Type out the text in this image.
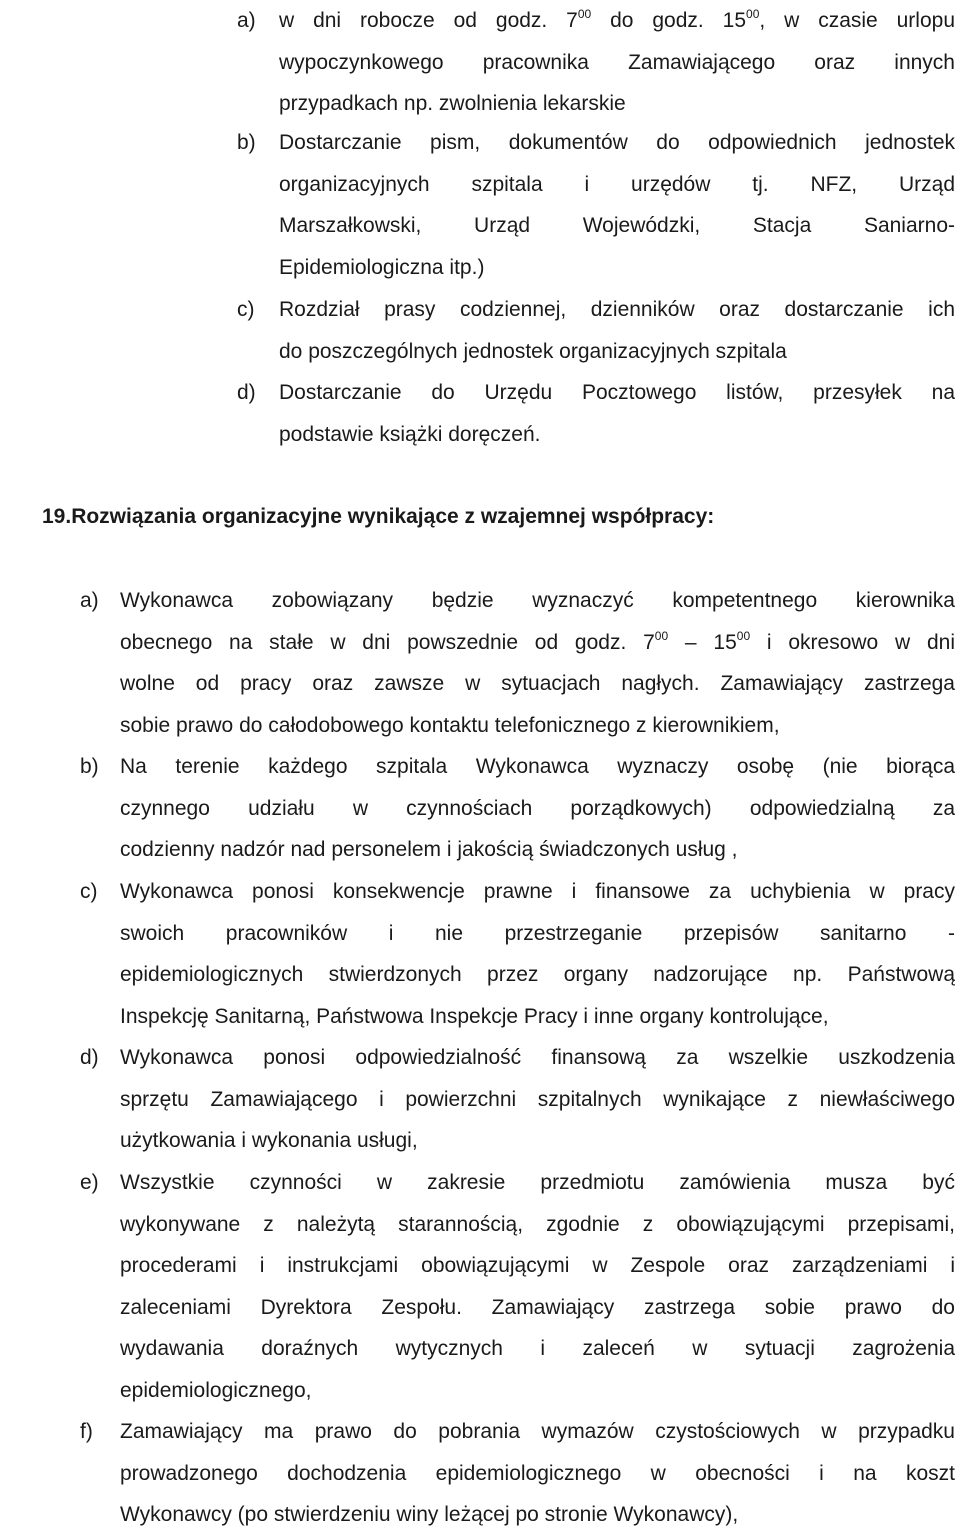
a)	w dni robocze od godz. $7^{00}$ do godz. $15^{00}$, w czasie urlopu
wypoczynkowego pracownika Zamawiającego oraz innych
przypadkach np. zwolnienia lekarskie
b)	Dostarczanie pism, dokumentów do odpowiednich jednostek
organizacyjnych szpitala i urzędów tj. NFZ, Urząd
Marszałkowski, Urząd Wojewódzki, Stacja Saniarno-
Epidemiologiczna itp.)
c)	Rozdział prasy codziennej, dzienników oraz dostarczanie ich
do poszczególnych jednostek organizacyjnych szpitala
d)	Dostarczanie do Urzędu Pocztowego listów, przesyłek na
podstawie książki doręczeń.
19.Rozwiązania organizacyjne wynikające z wzajemnej współpracy:
a)	Wykonawca zobowiązany będzie wyznaczyć kompetentnego kierownika
obecnego na stałe w dni powszednie od godz. $7^{00} - 15^{00}$ i okresowo w dni
wolne od pracy oraz zawsze w sytuacjach nagłych. Zamawiający zastrzega
sobie prawo do całodobowego kontaktu telefonicznego z kierownikiem,
b)	Na terenie każdego szpitala Wykonawca wyznaczy osobę (nie biorąca
czynnego udziału w czynnościach porządkowych) odpowiedzialną za
codzienny nadzór nad personelem i jakością świadczonych usług ,
c)	Wykonawca ponosi konsekwencje prawne i finansowe za uchybienia w pracy
swoich pracowników i nie przestrzeganie przepisów sanitarno -
epidemiologicznych stwierdzonych przez organy nadzorujące np. Państwową
Inspekcję Sanitarną, Państwowa Inspekcje Pracy i inne organy kontrolujące,
d)	Wykonawca ponosi odpowiedzialność finansową za wszelkie uszkodzenia
sprzętu Zamawiającego i powierzchni szpitalnych wynikające z niewłaściwego
użytkowania i wykonania usługi,
e)	Wszystkie czynności w zakresie przedmiotu zamówienia musza być
wykonywane z należytą starannością, zgodnie z obowiązującymi przepisami,
procederami i instrukcjami obowiązującymi w Zespole oraz zarządzeniami i
zaleceniami Dyrektora Zespołu. Zamawiający zastrzega sobie prawo do
wydawania doraźnych wytycznych i zaleceń w sytuacji zagrożenia
epidemiologicznego,
f)	Zamawiający ma prawo do pobrania wymazów czystościowych w przypadku
prowadzonego dochodzenia epidemiologicznego w obecności i na koszt
Wykonawcy (po stwierdzeniu winy leżącej po stronie Wykonawcy),
